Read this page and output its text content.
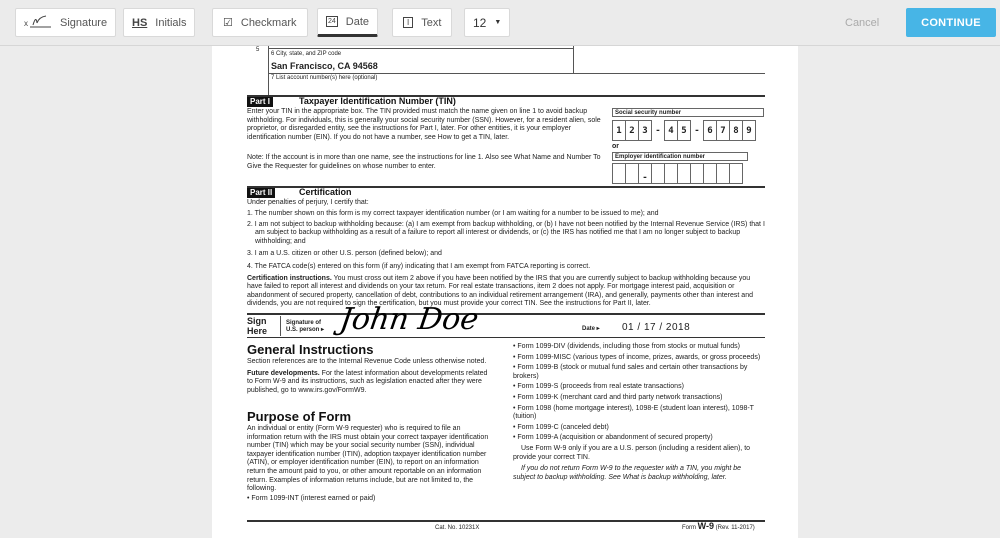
x	Signature HS Initials	☑ Checkmark	24 Date	I	Text	12 ▼	Cancel	CONTINUE
5
6 City, state, and ZIP code
San Francisco, CA 94568
7 List account number(s) here (optional)
Part I	Taxpayer Identification Number (TIN)
Enter your TIN in the appropriate box. The TIN provided must match the name given on line 1 to avoid backup withholding. For individuals, this is generally your social security number (SSN). However, for a resident alien, sole proprietor, or disregarded entity, see the instructions for Part I, later. For other entities, it is your employer identification number (EIN). If you do not have a number, see How to get a TIN, later.
Note: If the account is in more than one name, see the instructions for line 1. Also see What Name and Number To Give the Requester for guidelines on whose number to enter.
Social security number
1 2 3 - 4 5 - 6 7 8 9
or
Employer identification number
-
Part II	Certification
Under penalties of perjury, I certify that:

1. The number shown on this form is my correct taxpayer identification number (or I am waiting for a number to be issued to me); and

2. I am not subject to backup withholding because: (a) I am exempt from backup withholding, or (b) I have not been notified by the Internal Revenue Service (IRS) that I am subject to backup withholding as a result of a failure to report all interest or dividends, or (c) the IRS has notified me that I am no longer subject to backup withholding; and

3. I am a U.S. citizen or other U.S. person (defined below); and

4. The FATCA code(s) entered on this form (if any) indicating that I am exempt from FATCA reporting is correct.

Certification instructions. You must cross out item 2 above if you have been notified by the IRS that you are currently subject to backup withholding because you have failed to report all interest and dividends on your tax return. For real estate transactions, item 2 does not apply. For mortgage interest paid, acquisition or abandonment of secured property, cancellation of debt, contributions to an individual retirement arrangement (IRA), and generally, payments other than interest and dividends, you are not required to sign the certification, but you must provide your correct TIN. See the instructions for Part II, later.

Sign Here
Signature of U.S. person ▸ John Doe	Date ▸ 01 / 17 / 2018
General Instructions

Section references are to the Internal Revenue Code unless otherwise noted.

Future developments. For the latest information about developments related to Form W-9 and its instructions, such as legislation enacted after they were published, go to www.irs.gov/FormW9.

Purpose of Form

An individual or entity (Form W-9 requester) who is required to file an information return with the IRS must obtain your correct taxpayer identification number (TIN) which may be your social security number (SSN), individual taxpayer identification number (ITIN), adoption taxpayer identification number (ATIN), or employer identification number (EIN), to report on an information return the amount paid to you, or other amount reportable on an information return. Examples of information returns include, but are not limited to, the following.

• Form 1099-INT (interest earned or paid)

• Form 1099-DIV (dividends, including those from stocks or mutual funds)

• Form 1099-MISC (various types of income, prizes, awards, or gross proceeds)

• Form 1099-B (stock or mutual fund sales and certain other transactions by brokers)

• Form 1099-S (proceeds from real estate transactions)

• Form 1099-K (merchant card and third party network transactions)

• Form 1098 (home mortgage interest), 1098-E (student loan interest), 1098-T (tuition)

• Form 1099-C (canceled debt)

• Form 1099-A (acquisition or abandonment of secured property)

Use Form W-9 only if you are a U.S. person (including a resident alien), to provide your correct TIN.

If you do not return Form W-9 to the requester with a TIN, you might be subject to backup withholding. See What is backup withholding, later.

Cat. No. 10231X	Form W-9 (Rev. 11-2017)
